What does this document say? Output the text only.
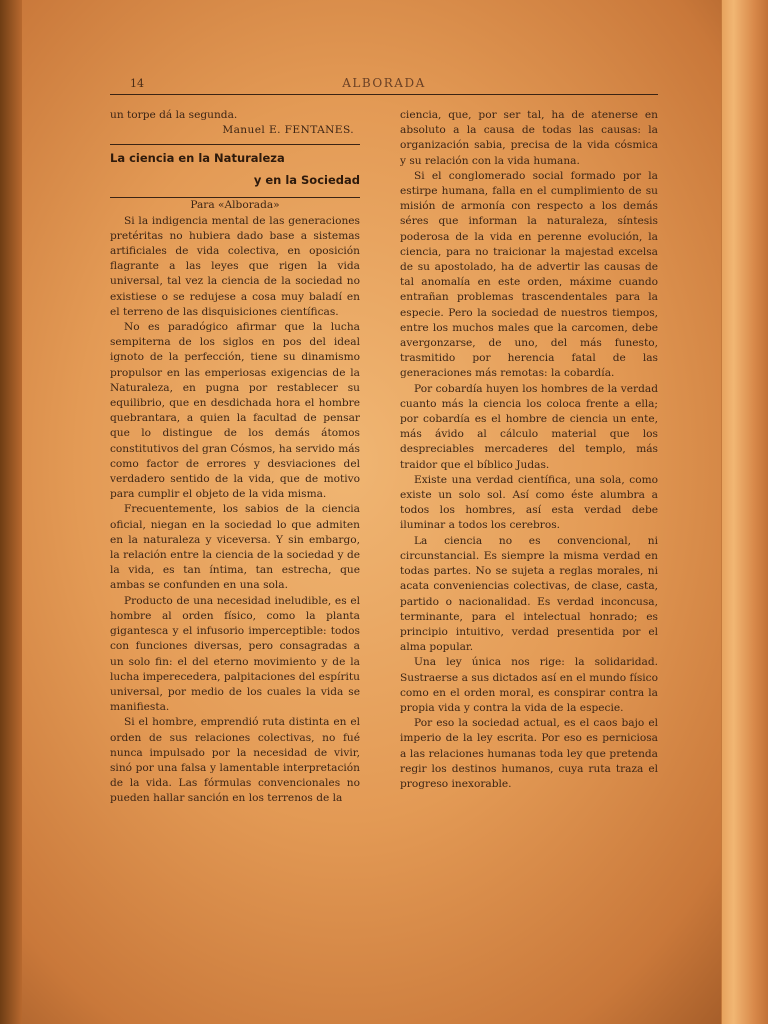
14	ALBORADA

un torpe dá la segunda.

Manuel E. FENTANES.

La ciencia en la Naturaleza
y en la Sociedad

Para «Alborada»

Si la indigencia mental de las generaciones pretéritas no hubiera dado base a sistemas artificiales de vida colectiva, en oposición flagrante a las leyes que rigen la vida universal, tal vez la ciencia de la sociedad no existiese o se redujese a cosa muy baladí en el terreno de las disquisiciones científicas.

No es paradógico afirmar que la lucha sempiterna de los siglos en pos del ideal ignoto de la perfección, tiene su dinamismo propulsor en las emperiosas exigencias de la Naturaleza, en pugna por restablecer su equilibrio, que en desdichada hora el hombre quebrantara, a quien la facultad de pensar que lo distingue de los demás átomos constitutivos del gran Cósmos, ha servido más como factor de errores y desviaciones del verdadero sentido de la vida, que de motivo para cumplir el objeto de la vida misma.

Frecuentemente, los sabios de la ciencia oficial, niegan en la sociedad lo que admiten en la naturaleza y viceversa. Y sin embargo, la relación entre la ciencia de la sociedad y de la vida, es tan íntima, tan estrecha, que ambas se confunden en una sola.

Producto de una necesidad ineludible, es el hombre al orden físico, como la planta gigantesca y el infusorio imperceptible: todos con funciones diversas, pero consagradas a un solo fin: el del eterno movimiento y de la lucha imperecedera, palpitaciones del espíritu universal, por medio de los cuales la vida se manifiesta.

Si el hombre, emprendió ruta distinta en el orden de sus relaciones colectivas, no fué nunca impulsado por la necesidad de vivir, sinó por una falsa y lamentable interpretación de la vida. Las fórmulas convencionales no pueden hallar sanción en los terrenos de la

ciencia, que, por ser tal, ha de atenerse en absoluto a la causa de todas las causas: la organización sabia, precisa de la vida cósmica y su relación con la vida humana.

Si el conglomerado social formado por la estirpe humana, falla en el cumplimiento de su misión de armonía con respecto a los demás séres que informan la naturaleza, síntesis poderosa de la vida en perenne evolución, la ciencia, para no traicionar la majestad excelsa de su apostolado, ha de advertir las causas de tal anomalía en este orden, máxime cuando entrañan problemas trascendentales para la especie. Pero la sociedad de nuestros tiempos, entre los muchos males que la carcomen, debe avergonzarse, de uno, del más funesto, trasmitido por herencia fatal de las generaciones más remotas: la cobardía.

Por cobardía huyen los hombres de la verdad cuanto más la ciencia los coloca frente a ella; por cobardía es el hombre de ciencia un ente, más ávido al cálculo material que los despreciables mercaderes del templo, más traidor que el bíblico Judas.

Existe una verdad científica, una sola, como existe un solo sol. Así como éste alumbra a todos los hombres, así esta verdad debe iluminar a todos los cerebros.

La ciencia no es convencional, ni circunstancial. Es siempre la misma verdad en todas partes. No se sujeta a reglas morales, ni acata conveniencias colectivas, de clase, casta, partido o nacionalidad. Es verdad inconcusa, terminante, para el intelectual honrado; es principio intuitivo, verdad presentida por el alma popular.

Una ley única nos rige: la solidaridad. Sustraerse a sus dictados así en el mundo físico como en el orden moral, es conspirar contra la propia vida y contra la vida de la especie.

Por eso la sociedad actual, es el caos bajo el imperio de la ley escrita. Por eso es perniciosa a las relaciones humanas toda ley que pretenda regir los destinos humanos, cuya ruta traza el progreso inexorable.
